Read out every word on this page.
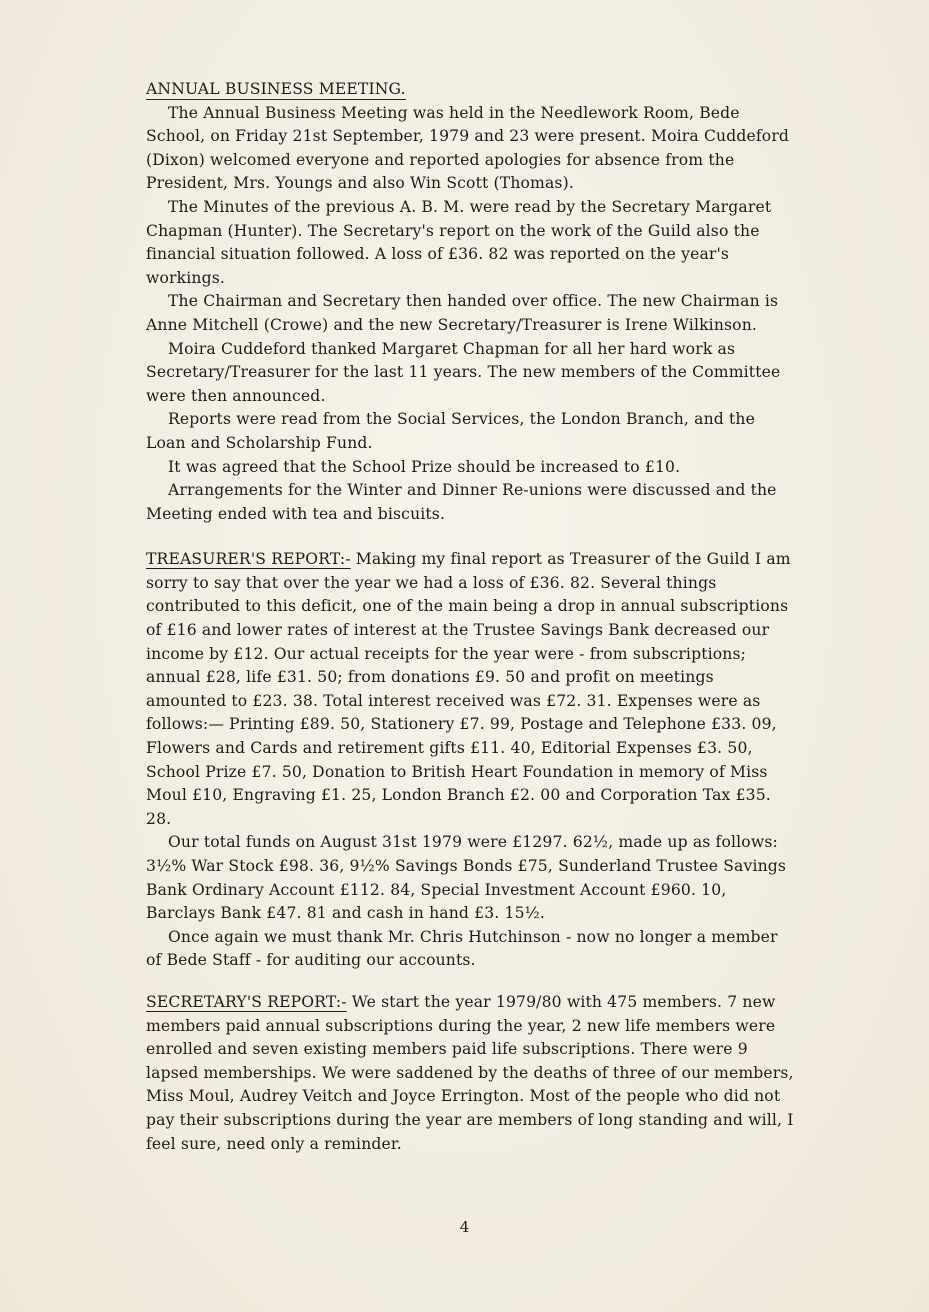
ANNUAL BUSINESS MEETING.

The Annual Business Meeting was held in the Needlework Room, Bede School, on Friday 21st September, 1979 and 23 were present. Moira Cuddeford (Dixon) welcomed everyone and reported apologies for absence from the President, Mrs. Youngs and also Win Scott (Thomas).

The Minutes of the previous A. B. M. were read by the Secretary Margaret Chapman (Hunter). The Secretary's report on the work of the Guild also the financial situation followed. A loss of £36. 82 was reported on the year's workings.

The Chairman and Secretary then handed over office. The new Chairman is Anne Mitchell (Crowe) and the new Secretary/Treasurer is Irene Wilkinson.

Moira Cuddeford thanked Margaret Chapman for all her hard work as Secretary/Treasurer for the last 11 years. The new members of the Committee were then announced.

Reports were read from the Social Services, the London Branch, and the Loan and Scholarship Fund.

It was agreed that the School Prize should be increased to £10.

Arrangements for the Winter and Dinner Re-unions were discussed and the Meeting ended with tea and biscuits.

TREASURER'S REPORT:- Making my final report as Treasurer of the Guild I am sorry to say that over the year we had a loss of £36. 82. Several things contributed to this deficit, one of the main being a drop in annual subscriptions of £16 and lower rates of interest at the Trustee Savings Bank decreased our income by £12. Our actual receipts for the year were - from subscriptions; annual £28, life £31. 50; from donations £9. 50 and profit on meetings amounted to £23. 38. Total interest received was £72. 31. Expenses were as follows:— Printing £89. 50, Stationery £7. 99, Postage and Telephone £33. 09, Flowers and Cards and retirement gifts £11. 40, Editorial Expenses £3. 50, School Prize £7. 50, Donation to British Heart Foundation in memory of Miss Moul £10, Engraving £1. 25, London Branch £2. 00 and Corporation Tax £35. 28.

Our total funds on August 31st 1979 were £1297. 62½, made up as follows: 3½% War Stock £98. 36, 9½% Savings Bonds £75, Sunderland Trustee Savings Bank Ordinary Account £112. 84, Special Investment Account £960. 10, Barclays Bank £47. 81 and cash in hand £3. 15½.

Once again we must thank Mr. Chris Hutchinson - now no longer a member of Bede Staff - for auditing our accounts.

SECRETARY'S REPORT:- We start the year 1979/80 with 475 members. 7 new members paid annual subscriptions during the year, 2 new life members were enrolled and seven existing members paid life subscriptions. There were 9 lapsed memberships. We were saddened by the deaths of three of our members, Miss Moul, Audrey Veitch and Joyce Errington. Most of the people who did not pay their subscriptions during the year are members of long standing and will, I feel sure, need only a reminder.

4
